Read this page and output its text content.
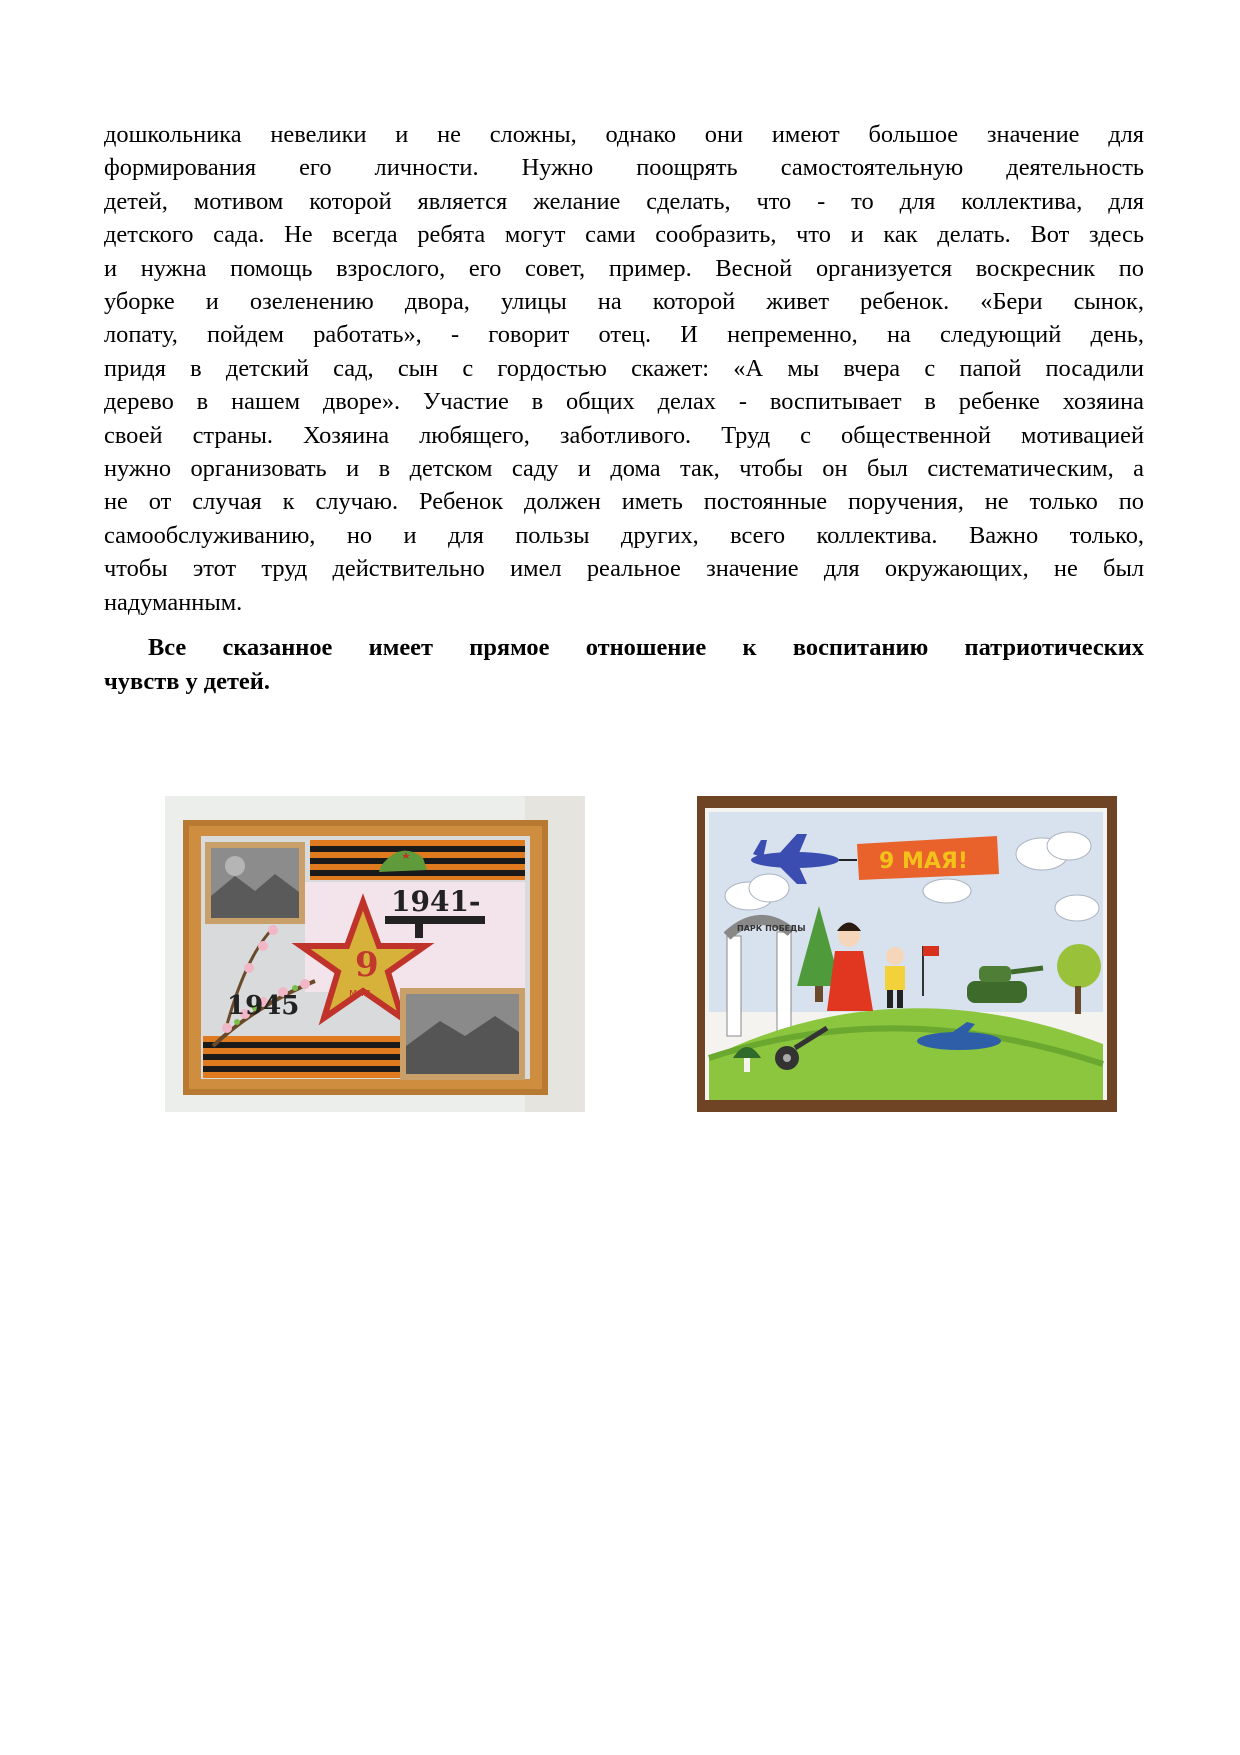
дошкольника невелики и не сложны, однако они имеют большое значение для
формирования его личности. Нужно поощрять самостоятельную деятельность
детей, мотивом которой является желание сделать, что - то для коллектива, для
детского сада. Не всегда ребята могут сами сообразить, что и как делать. Вот здесь
и нужна помощь взрослого, его совет, пример. Весной организуется воскресник по
уборке и озеленению двора, улицы на которой живет ребенок. «Бери сынок,
лопату, пойдем работать», - говорит отец. И непременно, на следующий день,
придя в детский сад, сын с гордостью скажет: «А мы вчера с папой посадили
дерево в нашем дворе». Участие в общих делах - воспитывает в ребенке хозяина
своей страны. Хозяина любящего, заботливого. Труд с общественной мотивацией
нужно организовать и в детском саду и дома так, чтобы он был систематическим, а
не от случая к случаю. Ребенок должен иметь постоянные поручения, не только по
самообслуживанию, но и для пользы других, всего коллектива. Важно только,
чтобы этот труд действительно имел реальное значение для окружающих, не был
надуманным.

Все сказанное имеет прямое отношение к воспитанию патриотических
чувств у детей.

9
мая
1941-
1945
9 МАЯ!
ПАРК ПОБЕДЫ
